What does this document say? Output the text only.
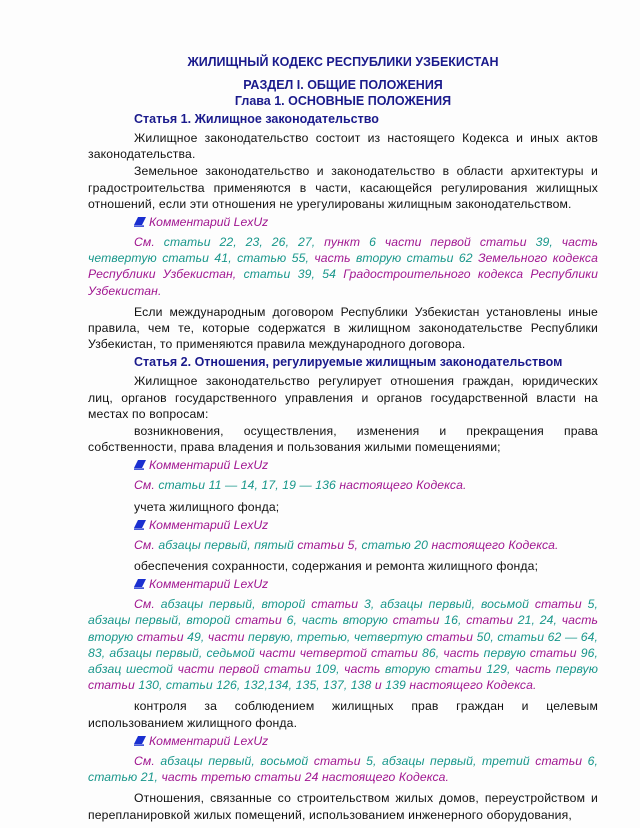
ЖИЛИЩНЫЙ КОДЕКС РЕСПУБЛИКИ УЗБЕКИСТАН
РАЗДЕЛ I. ОБЩИЕ ПОЛОЖЕНИЯ
Глава 1. ОСНОВНЫЕ ПОЛОЖЕНИЯ
Статья 1. Жилищное законодательство

Жилищное законодательство состоит из настоящего Кодекса и иных актов законодательства.

Земельное законодательство и законодательство в области архитектуры и градостроительства применяются в части, касающейся регулирования жилищных отношений, если эти отношения не урегулированы жилищным законодательством.

Комментарий LexUz

См. статьи 22, 23, 26, 27, пункт 6 части первой статьи 39, часть четвертую статьи 41, статью 55, часть вторую статьи 62 Земельного кодекса Республики Узбекистан, статьи 39, 54 Градостроительного кодекса Республики Узбекистан.

Если международным договором Республики Узбекистан установлены иные правила, чем те, которые содержатся в жилищном законодательстве Республики Узбекистан, то применяются правила международного договора.

Статья 2. Отношения, регулируемые жилищным законодательством

Жилищное законодательство регулирует отношения граждан, юридических лиц, органов государственного управления и органов государственной власти на местах по вопросам:

возникновения, осуществления, изменения и прекращения права собственности, права владения и пользования жилыми помещениями;

Комментарий LexUz

См. статьи 11 — 14, 17, 19 — 136 настоящего Кодекса.

учета жилищного фонда;

Комментарий LexUz

См. абзацы первый, пятый статьи 5, статью 20 настоящего Кодекса.

обеспечения сохранности, содержания и ремонта жилищного фонда;

Комментарий LexUz

См. абзацы первый, второй статьи 3, абзацы первый, восьмой статьи 5, абзацы первый, второй статьи 6, часть вторую статьи 16, статьи 21, 24, часть вторую статьи 49, части первую, третью, четвертую статьи 50, статьи 62 — 64, 83, абзацы первый, седьмой части четвертой статьи 86, часть первую статьи 96, абзац шестой части первой статьи 109, часть вторую статьи 129, часть первую статьи 130, статьи 126, 132,134, 135, 137, 138 и 139 настоящего Кодекса.

контроля за соблюдением жилищных прав граждан и целевым использованием жилищного фонда.

Комментарий LexUz

См. абзацы первый, восьмой статьи 5, абзацы первый, третий статьи 6, статью 21, часть третью статьи 24 настоящего Кодекса.

Отношения, связанные со строительством жилых домов, переустройством и перепланировкой жилых помещений, использованием инженерного оборудования,
